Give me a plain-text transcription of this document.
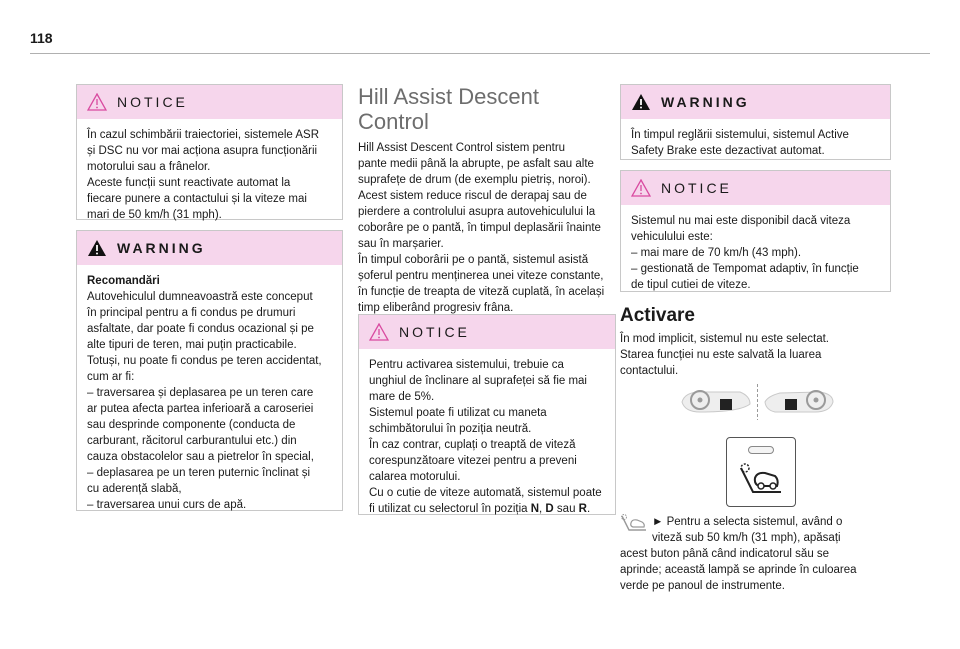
118
NOTICE

În cazul schimbării traiectoriei, sistemele ASR

și DSC nu vor mai acționa asupra funcționării

motorului sau a frânelor.

Aceste funcții sunt reactivate automat la

fiecare punere a contactului și la viteze mai

mari de 50 km/h (31 mph).

WARNING

Recomandări

Autovehiculul dumneavoastră este conceput

în principal pentru a fi condus pe drumuri

asfaltate, dar poate fi condus ocazional și pe

alte tipuri de teren, mai puțin practicabile.

Totuși, nu poate fi condus pe teren accidentat,

cum ar fi:

– traversarea și deplasarea pe un teren care

ar putea afecta partea inferioară a caroseriei

sau desprinde componente (conducta de

carburant, răcitorul carburantului etc.) din

cauza obstacolelor sau a pietrelor în special,

– deplasarea pe un teren puternic înclinat și

cu aderență slabă,

– traversarea unui curs de apă.

Hill Assist Descent
Control

Hill Assist Descent Control sistem pentru

pante medii până la abrupte, pe asfalt sau alte

suprafețe de drum (de exemplu pietriș, noroi).

Acest sistem reduce riscul de derapaj sau de

pierdere a controlului asupra autovehiculului la

coborâre pe o pantă, în timpul deplasării înainte

sau în marșarier.

În timpul coborârii pe o pantă, sistemul asistă

șoferul pentru menținerea unei viteze constante,

în funcție de treapta de viteză cuplată, în același

timp eliberând progresiv frâna.

NOTICE

Pentru activarea sistemului, trebuie ca

unghiul de înclinare al suprafeței să fie mai

mare de 5%.

Sistemul poate fi utilizat cu maneta

schimbătorului în poziția neutră.

În caz contrar, cuplați o treaptă de viteză

corespunzătoare vitezei pentru a preveni

calarea motorului.

Cu o cutie de viteze automată, sistemul poate

fi utilizat cu selectorul în poziția N, D sau R.

WARNING

În timpul reglării sistemului, sistemul Active

Safety Brake este dezactivat automat.

NOTICE

Sistemul nu mai este disponibil dacă viteza

vehiculului este:

– mai mare de 70 km/h (43 mph).

– gestionată de Tempomat adaptiv, în funcție

de tipul cutiei de viteze.

Activare

În mod implicit, sistemul nu este selectat.

Starea funcției nu este salvată la luarea

contactului.

► Pentru a selecta sistemul, având o

viteză sub 50 km/h (31 mph), apăsați

acest buton până când indicatorul său se

aprinde; această lampă se aprinde în culoarea

verde pe panoul de instrumente.
